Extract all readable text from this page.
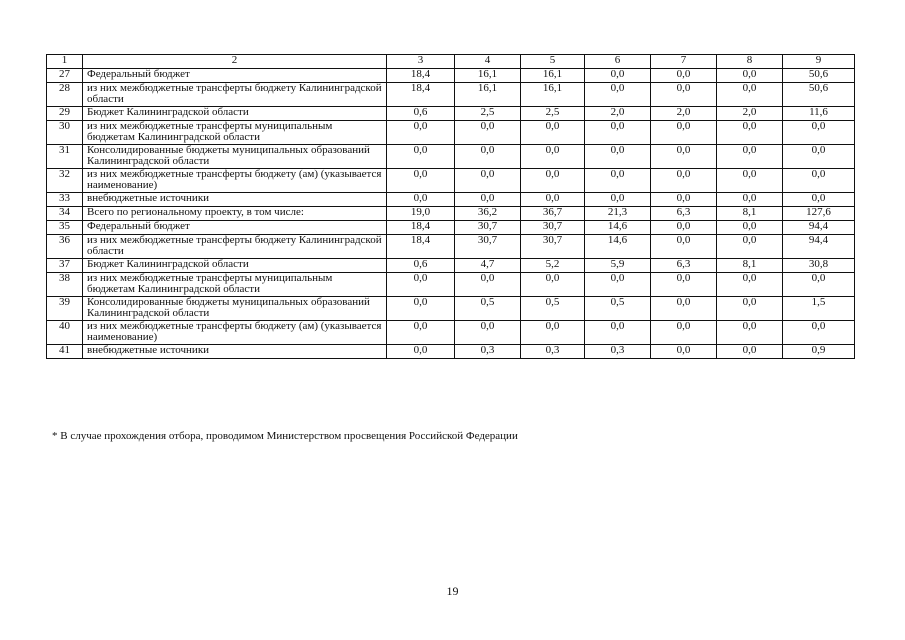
1	2	3	4	5	6	7	8	9
27	Федеральный бюджет	18,4	16,1	16,1	0,0	0,0	0,0	50,6
28	из них межбюджетные трансферты бюджету Калининградской области	18,4	16,1	16,1	0,0	0,0	0,0	50,6
29	Бюджет Калининградской области	0,6	2,5	2,5	2,0	2,0	2,0	11,6
30	из них межбюджетные трансферты муниципальным бюджетам Калининградской области	0,0	0,0	0,0	0,0	0,0	0,0	0,0
31	Консолидированные бюджеты муниципальных образований Калининградской области	0,0	0,0	0,0	0,0	0,0	0,0	0,0
32	из них межбюджетные трансферты бюджету (ам) (указывается наименование)	0,0	0,0	0,0	0,0	0,0	0,0	0,0
33	внебюджетные источники	0,0	0,0	0,0	0,0	0,0	0,0	0,0
34	Всего по региональному проекту, в том числе:	19,0	36,2	36,7	21,3	6,3	8,1	127,6
35	Федеральный бюджет	18,4	30,7	30,7	14,6	0,0	0,0	94,4
36	из них межбюджетные трансферты бюджету Калининградской области	18,4	30,7	30,7	14,6	0,0	0,0	94,4
37	Бюджет Калининградской области	0,6	4,7	5,2	5,9	6,3	8,1	30,8
38	из них межбюджетные трансферты муниципальным бюджетам Калининградской области	0,0	0,0	0,0	0,0	0,0	0,0	0,0
39	Консолидированные бюджеты муниципальных образований Калининградской области	0,0	0,5	0,5	0,5	0,0	0,0	1,5
40	из них межбюджетные трансферты бюджету (ам) (указывается наименование)	0,0	0,0	0,0	0,0	0,0	0,0	0,0
41	внебюджетные источники	0,0	0,3	0,3	0,3	0,0	0,0	0,9
* В случае прохождения отбора, проводимом Министерством просвещения Российской Федерации
19
